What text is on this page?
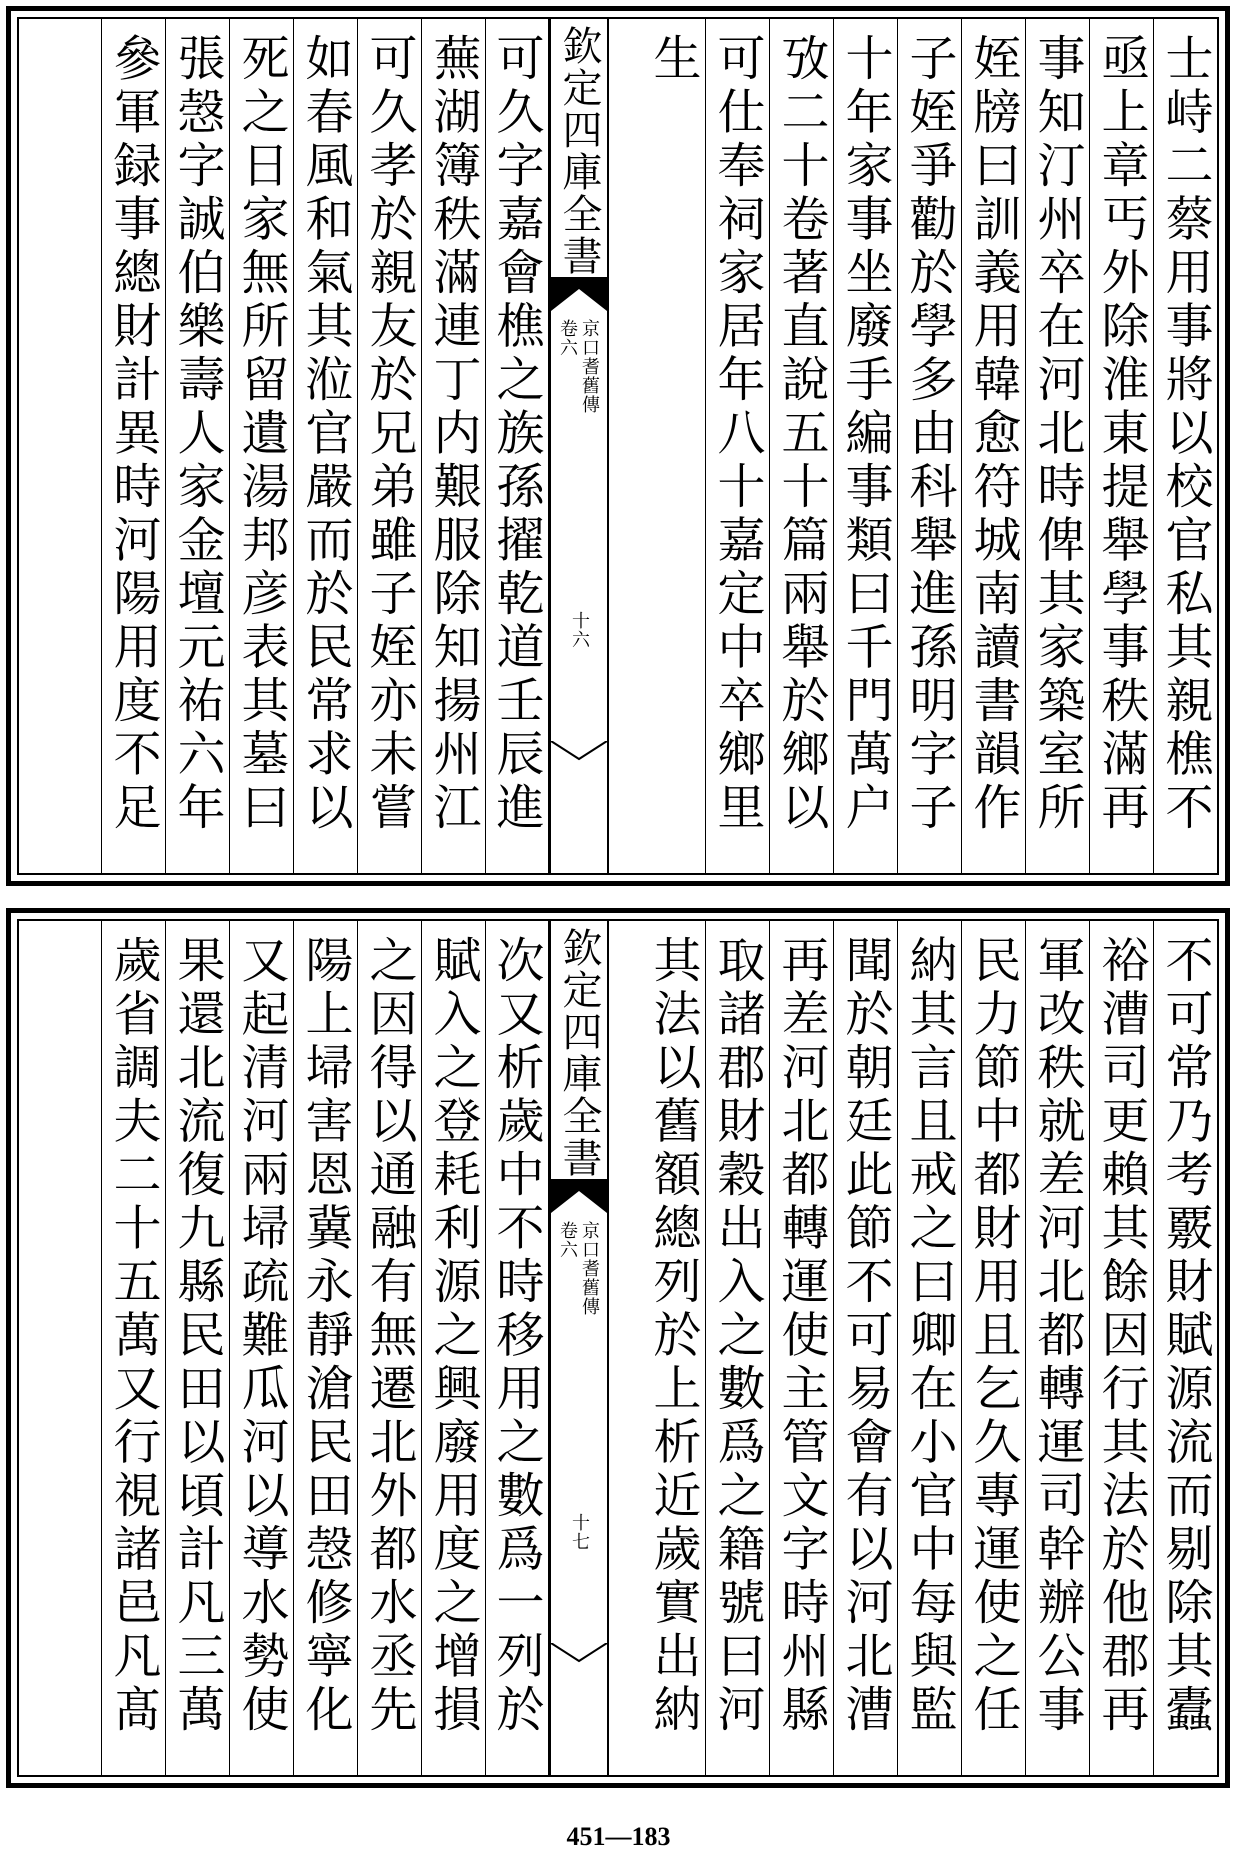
士峙二蔡用事將以校官私其親樵不
亟上章丐外除淮東提舉學事秩滿再
事知汀州卒在河北時俾其家築室所
姪牓曰訓義用韓愈符城南讀書韻作
子姪爭勸於學多由科舉進孫明字子
十年家事坐廢手編事類曰千門萬户
攷二十卷著直說五十篇兩舉於鄉以
可仕奉祠家居年八十嘉定中卒鄉里
生
欽定四庫全書
京口耆舊傳
卷六
十六
可久字嘉會樵之族孫擢乾道壬辰進
蕪湖簿秩滿連丁内艱服除知揚州江
可久孝於親友於兄弟雖子姪亦未嘗
如春風和氣其涖官嚴而於民常求以
死之日家無所留遺湯邦彦表其墓曰
張愨字誠伯樂壽人家金壇元祐六年
參軍録事總財計異時河陽用度不足
不可常乃考覈財賦源流而剔除其蠹
裕漕司更賴其餘因行其法於他郡再
軍改秩就差河北都轉運司幹辦公事
民力節中都財用且乞久專運使之任
納其言且戒之曰卿在小官中每與監
聞於朝廷此節不可易會有以河北漕
再差河北都轉運使主管文字時州縣
取諸郡財穀出入之數爲之籍號曰河
其法以舊額總列於上析近歲實出納
欽定四庫全書
京口耆舊傳
卷六
十七
次又析歲中不時移用之數爲一列於
賦入之登耗利源之興廢用度之增損
之因得以通融有無遷北外都水丞先
陽上埽害恩冀永靜滄民田愨修寧化
又起清河兩埽疏難瓜河以導水勢使
果還北流復九縣民田以頃計凡三萬
歲省調夫二十五萬又行視諸邑凡髙
451—183
